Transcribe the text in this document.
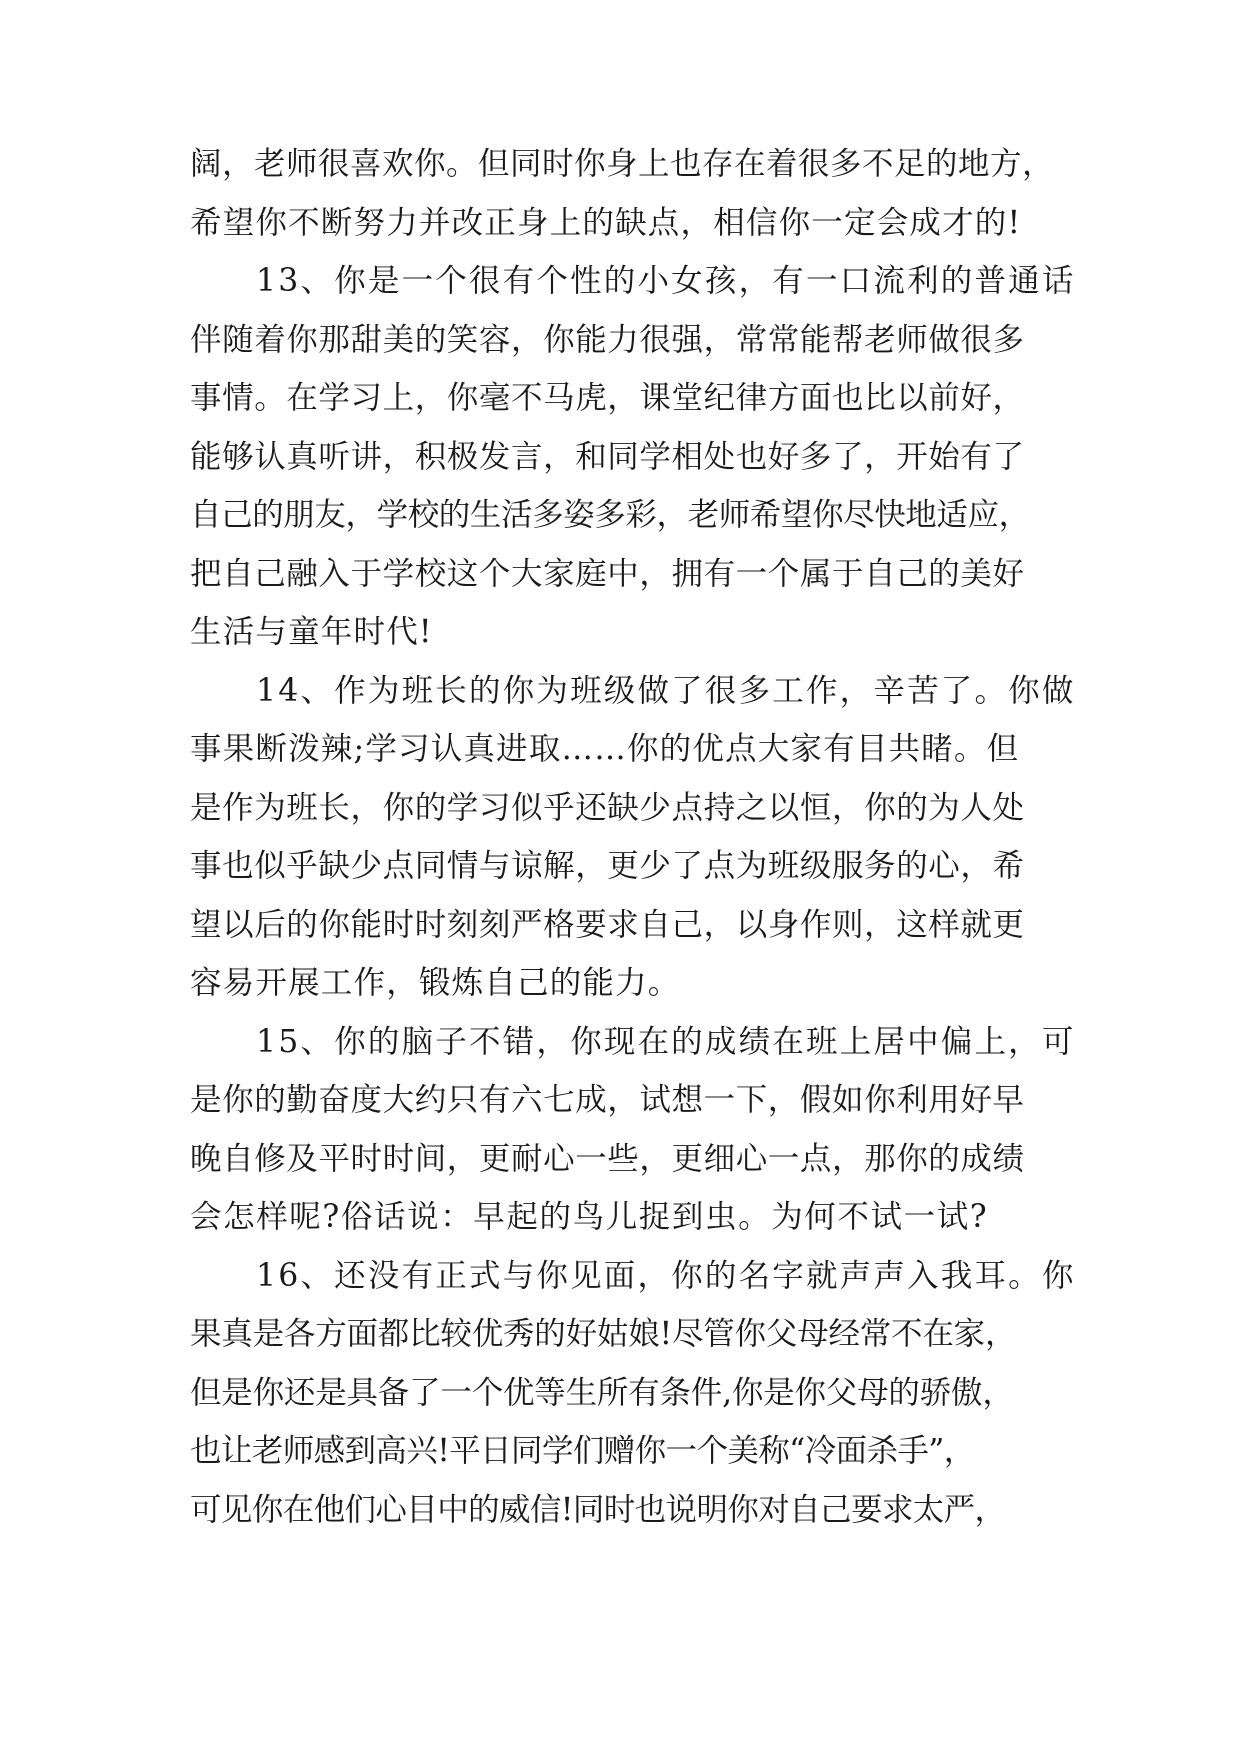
阔，老师很喜欢你。但同时你身上也存在着很多不足的地方，
希望你不断努力并改正身上的缺点，相信你一定会成才的!
13、你是一个很有个性的小女孩，有一口流利的普通话
伴随着你那甜美的笑容，你能力很强，常常能帮老师做很多
事情。在学习上，你毫不马虎，课堂纪律方面也比以前好，
能够认真听讲，积极发言，和同学相处也好多了，开始有了
自己的朋友，学校的生活多姿多彩，老师希望你尽快地适应，
把自己融入于学校这个大家庭中，拥有一个属于自己的美好
生活与童年时代!
14、作为班长的你为班级做了很多工作，辛苦了。你做
事果断泼辣;学习认真进取……你的优点大家有目共睹。但
是作为班长，你的学习似乎还缺少点持之以恒，你的为人处
事也似乎缺少点同情与谅解，更少了点为班级服务的心，希
望以后的你能时时刻刻严格要求自己，以身作则，这样就更
容易开展工作，锻炼自己的能力。
15、你的脑子不错，你现在的成绩在班上居中偏上，可
是你的勤奋度大约只有六七成，试想一下，假如你利用好早
晚自修及平时时间，更耐心一些，更细心一点，那你的成绩
会怎样呢?俗话说：早起的鸟儿捉到虫。为何不试一试?
16、还没有正式与你见面，你的名字就声声入我耳。你
果真是各方面都比较优秀的好姑娘!尽管你父母经常不在家，
但是你还是具备了一个优等生所有条件,你是你父母的骄傲，
也让老师感到高兴!平日同学们赠你一个美称“冷面杀手”，
可见你在他们心目中的威信!同时也说明你对自己要求太严，
